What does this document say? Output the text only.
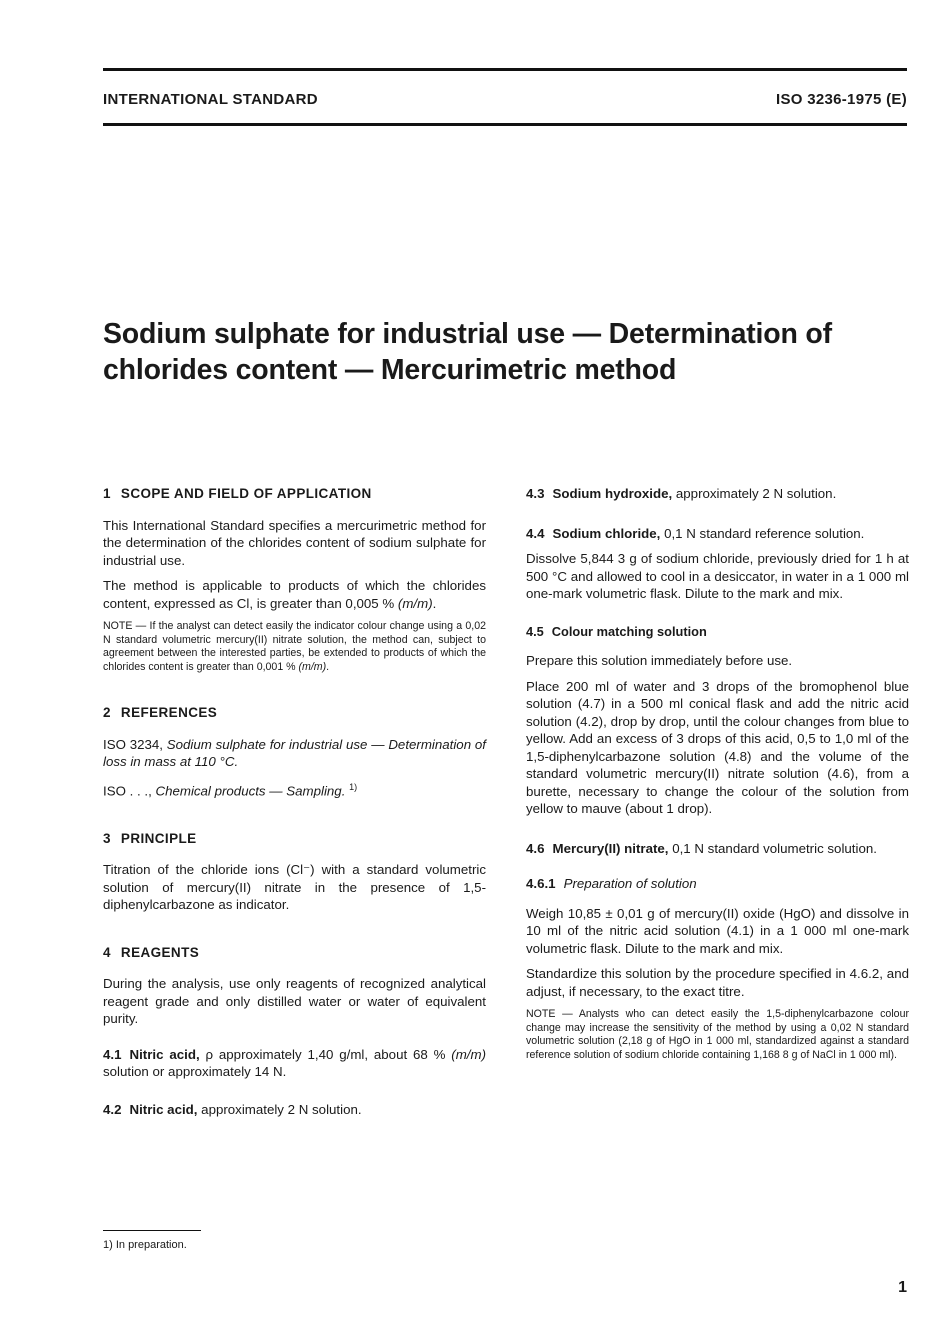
INTERNATIONAL STANDARD	ISO 3236-1975 (E)
Sodium sulphate for industrial use — Determination of
chlorides content — Mercurimetric method
1 SCOPE AND FIELD OF APPLICATION

This International Standard specifies a mercurimetric method for the determination of the chlorides content of sodium sulphate for industrial use.

The method is applicable to products of which the chlorides content, expressed as Cl, is greater than 0,005 % (m/m).

NOTE — If the analyst can detect easily the indicator colour change using a 0,02 N standard volumetric mercury(II) nitrate solution, the method can, subject to agreement between the interested parties, be extended to products of which the chlorides content is greater than 0,001 % (m/m).
2 REFERENCES

ISO 3234, Sodium sulphate for industrial use — Determination of loss in mass at 110 °C.

ISO . . ., Chemical products — Sampling. $^{1)}$

3 PRINCIPLE

Titration of the chloride ions (Cl⁻) with a standard volumetric solution of mercury(II) nitrate in the presence of 1,5-diphenylcarbazone as indicator.

4 REAGENTS

During the analysis, use only reagents of recognized analytical reagent grade and only distilled water or water of equivalent purity.

4.1 Nitric acid, ρ approximately 1,40 g/ml, about 68 % (m/m) solution or approximately 14 N.

4.2 Nitric acid, approximately 2 N solution.

4.3 Sodium hydroxide, approximately 2 N solution.

4.4 Sodium chloride, 0,1 N standard reference solution.

Dissolve 5,844 3 g of sodium chloride, previously dried for 1 h at 500 °C and allowed to cool in a desiccator, in water in a 1 000 ml one-mark volumetric flask. Dilute to the mark and mix.

4.5 Colour matching solution

Prepare this solution immediately before use.

Place 200 ml of water and 3 drops of the bromophenol blue solution (4.7) in a 500 ml conical flask and add the nitric acid solution (4.2), drop by drop, until the colour changes from blue to yellow. Add an excess of 3 drops of this acid, 0,5 to 1,0 ml of the 1,5-diphenylcarbazone solution (4.8) and the volume of the standard volumetric mercury(II) nitrate solution (4.6), from a burette, necessary to change the colour of the solution from yellow to mauve (about 1 drop).

4.6 Mercury(II) nitrate, 0,1 N standard volumetric solution.

4.6.1 Preparation of solution

Weigh 10,85 ± 0,01 g of mercury(II) oxide (HgO) and dissolve in 10 ml of the nitric acid solution (4.1) in a 1 000 ml one-mark volumetric flask. Dilute to the mark and mix.

Standardize this solution by the procedure specified in 4.6.2, and adjust, if necessary, to the exact titre.

NOTE — Analysts who can detect easily the 1,5-diphenylcarbazone colour change may increase the sensitivity of the method by using a 0,02 N standard volumetric solution (2,18 g of HgO in 1 000 ml, standardized against a standard reference solution of sodium chloride containing 1,168 8 g of NaCl in 1 000 ml).
1) In preparation.
1
